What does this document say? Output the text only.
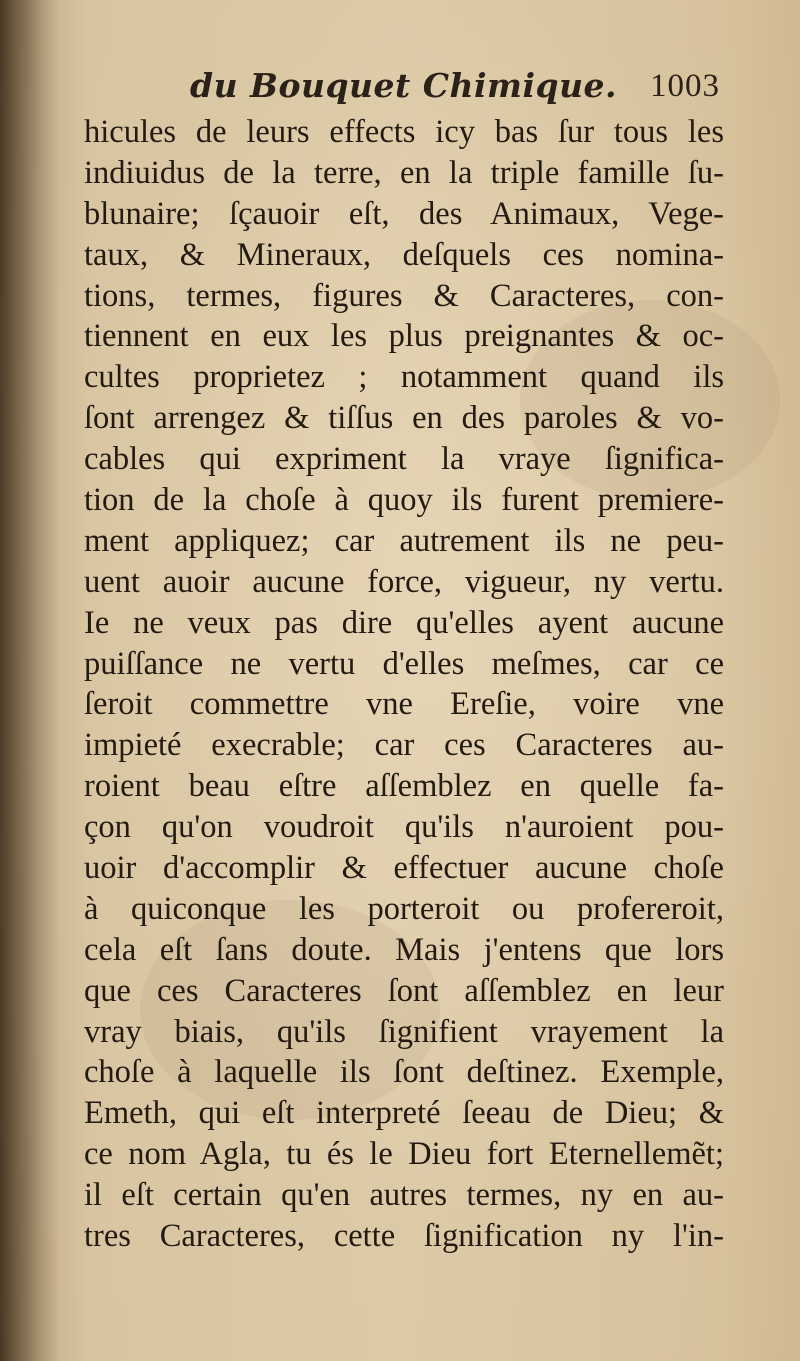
du Bouquet Chimique. 1003
hicules de leurs effects icy bas ſur tous les
indiuidus de la terre, en la triple famille ſu-
blunaire; ſçauoir eſt, des Animaux, Vege-
taux, & Mineraux, deſquels ces nomina-
tions, termes, figures & Caracteres, con-
tiennent en eux les plus preignantes & oc-
cultes proprietez ; notamment quand ils
ſont arrengez & tiſſus en des paroles & vo-
cables qui expriment la vraye ſignifica-
tion de la choſe à quoy ils furent premiere-
ment appliquez; car autrement ils ne peu-
uent auoir aucune force, vigueur, ny vertu.
Ie ne veux pas dire qu'elles ayent aucune
puiſſance ne vertu d'elles meſmes, car ce
ſeroit commettre vne Ereſie, voire vne
impieté execrable; car ces Caracteres au-
roient beau eſtre aſſemblez en quelle fa-
çon qu'on voudroit qu'ils n'auroient pou-
uoir d'accomplir & effectuer aucune choſe
à quiconque les porteroit ou profereroit,
cela eſt ſans doute. Mais j'entens que lors
que ces Caracteres ſont aſſemblez en leur
vray biais, qu'ils ſignifient vrayement la
choſe à laquelle ils ſont deſtinez. Exemple,
Emeth, qui eſt interpreté ſeeau de Dieu; &
ce nom Agla, tu és le Dieu fort Eternellemẽt;
il eſt certain qu'en autres termes, ny en au-
tres Caracteres, cette ſignification ny l'in-
